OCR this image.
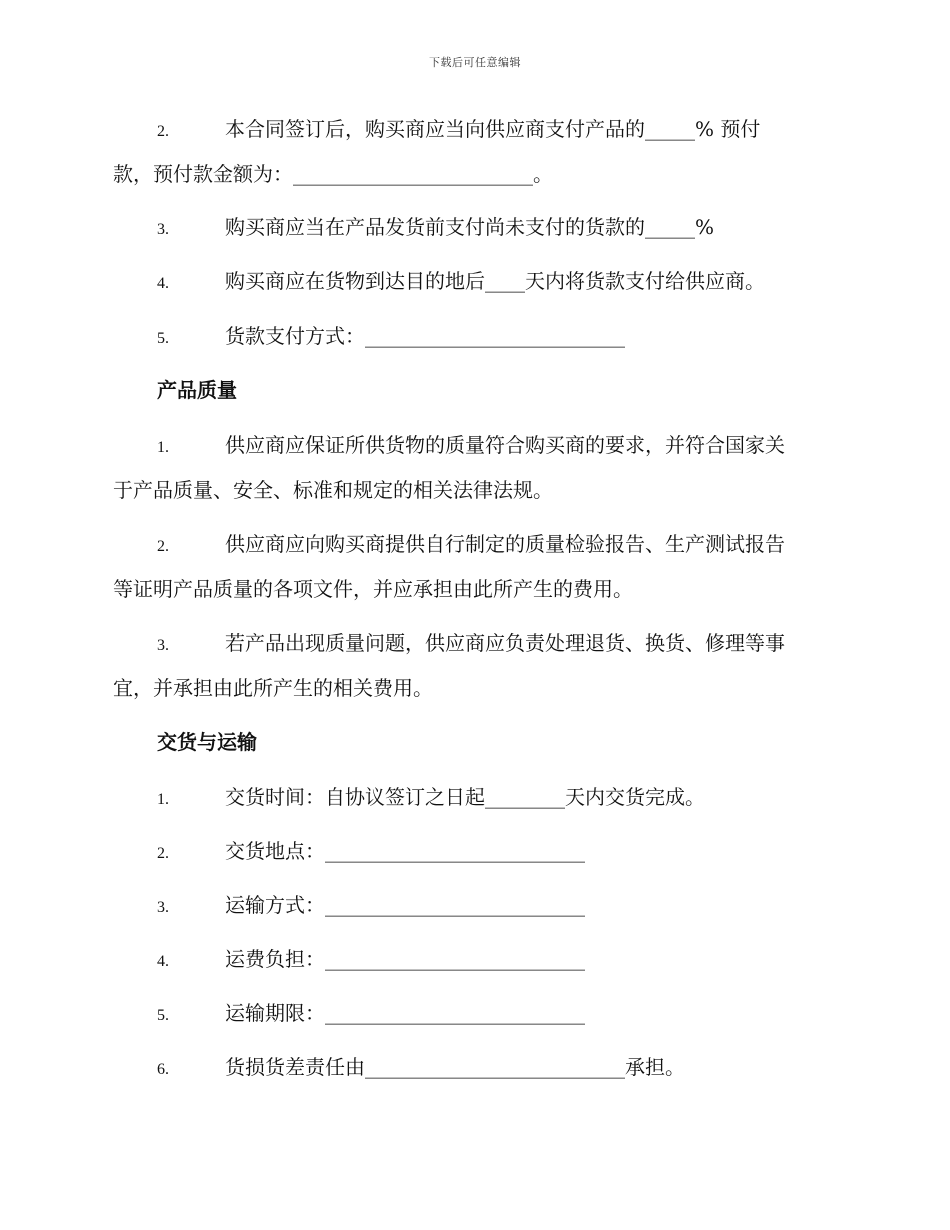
下载后可任意编辑
2.	本合同签订后，购买商应当向供应商支付产品的_____% 预付
款，预付款金额为：________________________。
3.	购买商应当在产品发货前支付尚未支付的货款的_____%
4.	购买商应在货物到达目的地后____天内将货款支付给供应商。
5.	货款支付方式：__________________________
产品质量
1.	供应商应保证所供货物的质量符合购买商的要求，并符合国家关
于产品质量、安全、标准和规定的相关法律法规。
2.	供应商应向购买商提供自行制定的质量检验报告、生产测试报告
等证明产品质量的各项文件，并应承担由此所产生的费用。
3.	若产品出现质量问题，供应商应负责处理退货、换货、修理等事
宜，并承担由此所产生的相关费用。
交货与运输
1.	交货时间：自协议签订之日起________天内交货完成。
2.	交货地点：__________________________
3.	运输方式：__________________________
4.	运费负担：__________________________
5.	运输期限：__________________________
6.	货损货差责任由__________________________承担。
